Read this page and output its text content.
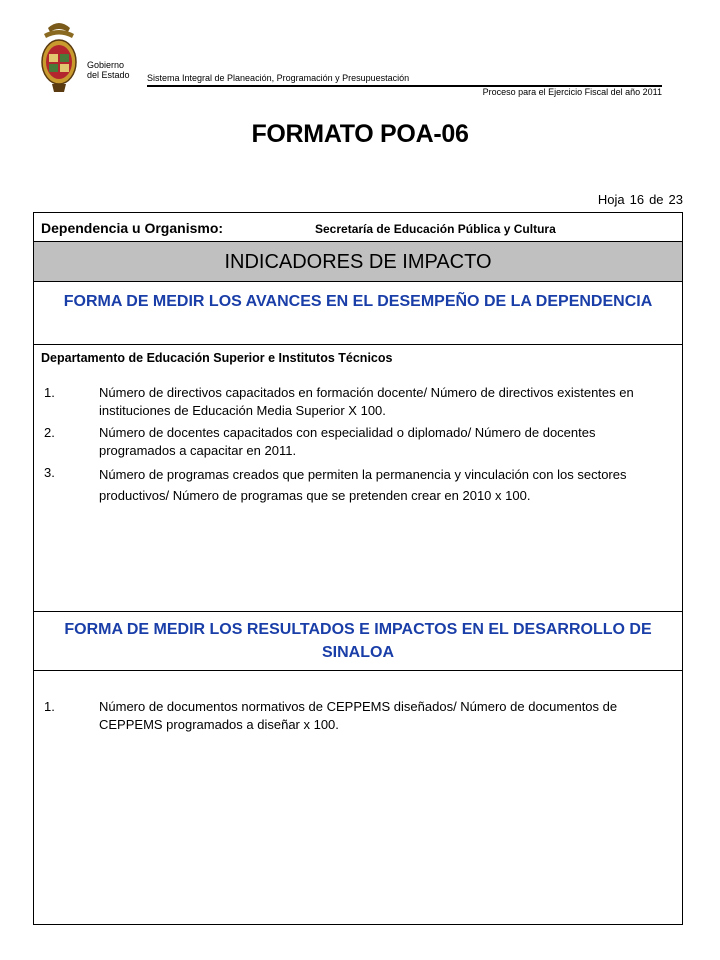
Gobierno
del Estado Sistema Integral de Planeación, Programación y Presupuestación
Proceso para el Ejercicio Fiscal del año 2011
FORMATO POA-06
Hoja 16 de 23
Dependencia u Organismo:	Secretaría de Educación Pública y Cultura
INDICADORES DE IMPACTO
FORMA DE MEDIR LOS AVANCES EN EL DESEMPEÑO DE LA DEPENDENCIA
Departamento de Educación Superior e Institutos Técnicos
1.	Número de directivos capacitados en formación docente/ Número de directivos existentes en instituciones de Educación Media Superior X 100.
2.	Número de docentes capacitados con especialidad o diplomado/ Número de docentes programados a capacitar en 2011.
3.	Número de programas creados que permiten la permanencia y vinculación con los sectores productivos/ Número de programas que se pretenden crear en 2010 x 100.
FORMA DE MEDIR LOS RESULTADOS E IMPACTOS EN EL DESARROLLO DE SINALOA
1.	Número de documentos normativos de CEPPEMS diseñados/ Número de documentos de CEPPEMS programados a diseñar x 100.
